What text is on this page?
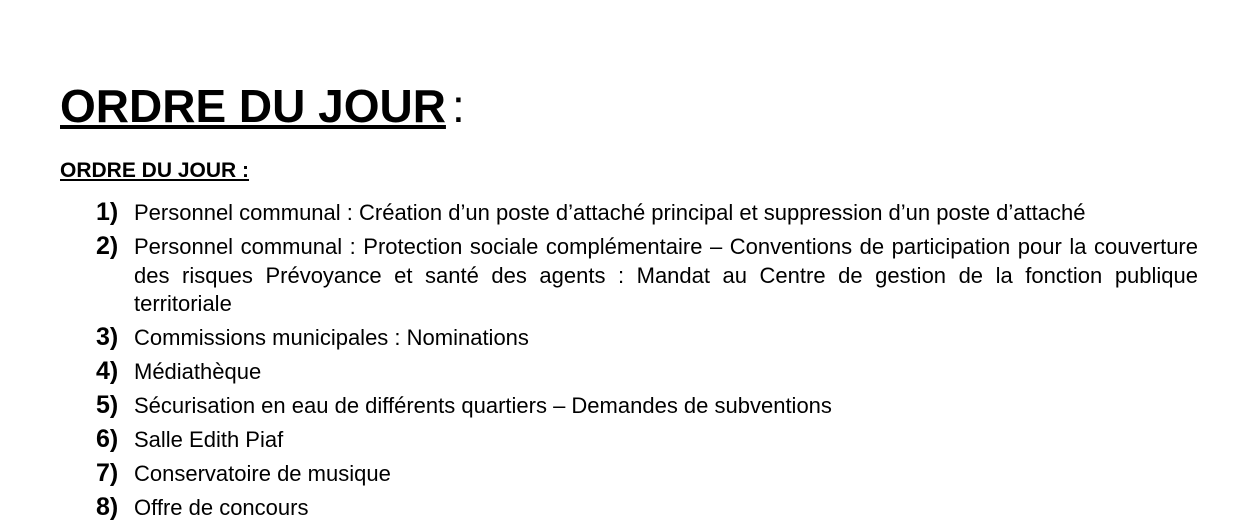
ORDRE DU JOUR :
ORDRE DU JOUR :
1) Personnel communal : Création d’un poste d’attaché principal et suppression d’un poste d’attaché
2) Personnel communal : Protection sociale complémentaire – Conventions de participation pour la couverture des risques Prévoyance et santé des agents : Mandat au Centre de gestion de la fonction publique territoriale
3) Commissions municipales : Nominations
4) Médiathèque
5) Sécurisation en eau de différents quartiers – Demandes de subventions
6) Salle Edith Piaf
7) Conservatoire de musique
8) Offre de concours
